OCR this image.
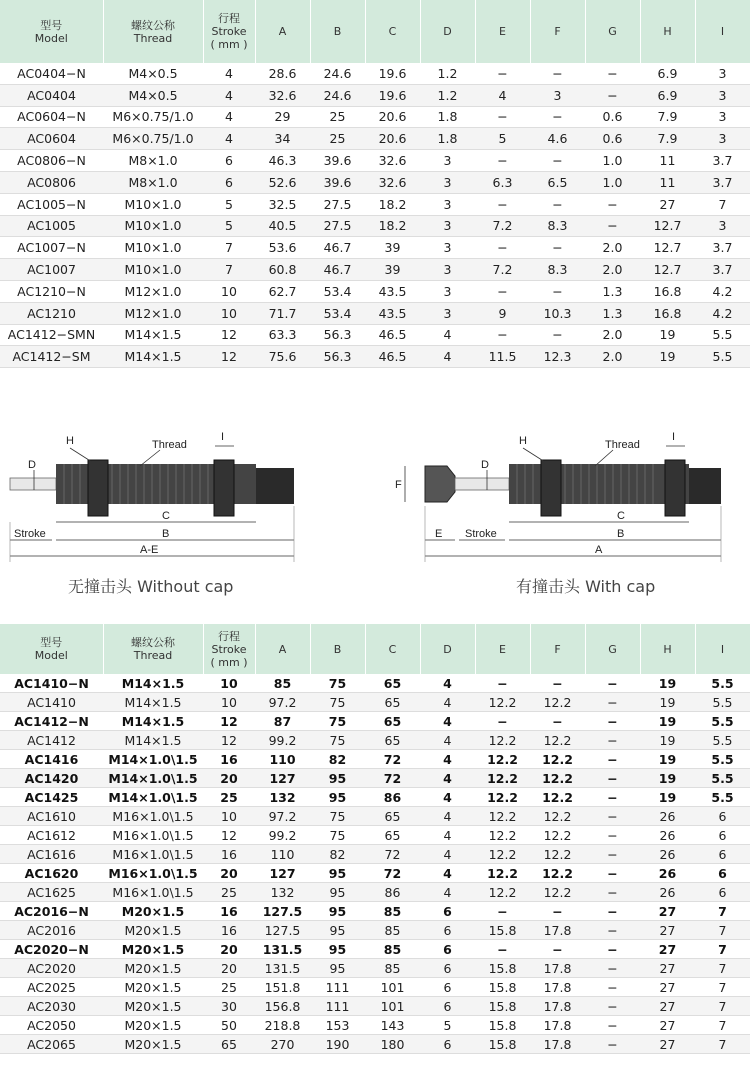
型号
Model	螺纹公称
Thread	行程
Stroke
( mm )	A	B	C	D	E	F	G	H	I
AC0404−N	M4×0.5	4	28.6	24.6	19.6	1.2	−	−	−	6.9	3
AC0404	M4×0.5	4	32.6	24.6	19.6	1.2	4	3	−	6.9	3
AC0604−N	M6×0.75/1.0	4	29	25	20.6	1.8	−	−	0.6	7.9	3
AC0604	M6×0.75/1.0	4	34	25	20.6	1.8	5	4.6	0.6	7.9	3
AC0806−N	M8×1.0	6	46.3	39.6	32.6	3	−	−	1.0	11	3.7
AC0806	M8×1.0	6	52.6	39.6	32.6	3	6.3	6.5	1.0	11	3.7
AC1005−N	M10×1.0	5	32.5	27.5	18.2	3	−	−	−	27	7
AC1005	M10×1.0	5	40.5	27.5	18.2	3	7.2	8.3	−	12.7	3
AC1007−N	M10×1.0	7	53.6	46.7	39	3	−	−	2.0	12.7	3.7
AC1007	M10×1.0	7	60.8	46.7	39	3	7.2	8.3	2.0	12.7	3.7
AC1210−N	M12×1.0	10	62.7	53.4	43.5	3	−	−	1.3	16.8	4.2
AC1210	M12×1.0	10	71.7	53.4	43.5	3	9	10.3	1.3	16.8	4.2
AC1412−SMN	M14×1.5	12	63.3	56.3	46.5	4	−	−	2.0	19	5.5
AC1412−SM	M14×1.5	12	75.6	56.3	46.5	4	11.5	12.3	2.0	19	5.5
H	Thread
I
D
C
Stroke	B
A-E
无撞击头 Without cap
H	Thread
I
D
F
C
E Stroke	B
A
有撞击头 With cap
型号
Model	螺纹公称
Thread	行程
Stroke
( mm )	A	B	C	D	E	F	G	H	I
AC1410−N	M14×1.5	10	85	75	65	4	−	−	−	19	5.5
AC1410	M14×1.5	10	97.2	75	65	4	12.2	12.2	−	19	5.5
AC1412−N	M14×1.5	12	87	75	65	4	−	−	−	19	5.5
AC1412	M14×1.5	12	99.2	75	65	4	12.2	12.2	−	19	5.5
AC1416	M14×1.0\1.5	16	110	82	72	4	12.2	12.2	−	19	5.5
AC1420	M14×1.0\1.5	20	127	95	72	4	12.2	12.2	−	19	5.5
AC1425	M14×1.0\1.5	25	132	95	86	4	12.2	12.2	−	19	5.5
AC1610	M16×1.0\1.5	10	97.2	75	65	4	12.2	12.2	−	26	6
AC1612	M16×1.0\1.5	12	99.2	75	65	4	12.2	12.2	−	26	6
AC1616	M16×1.0\1.5	16	110	82	72	4	12.2	12.2	−	26	6
AC1620	M16×1.0\1.5	20	127	95	72	4	12.2	12.2	−	26	6
AC1625	M16×1.0\1.5	25	132	95	86	4	12.2	12.2	−	26	6
AC2016−N	M20×1.5	16	127.5	95	85	6	−	−	−	27	7
AC2016	M20×1.5	16	127.5	95	85	6	15.8	17.8	−	27	7
AC2020−N	M20×1.5	20	131.5	95	85	6	−	−	−	27	7
AC2020	M20×1.5	20	131.5	95	85	6	15.8	17.8	−	27	7
AC2025	M20×1.5	25	151.8	111	101	6	15.8	17.8	−	27	7
AC2030	M20×1.5	30	156.8	111	101	6	15.8	17.8	−	27	7
AC2050	M20×1.5	50	218.8	153	143	5	15.8	17.8	−	27	7
AC2065	M20×1.5	65	270	190	180	6	15.8	17.8	−	27	7
